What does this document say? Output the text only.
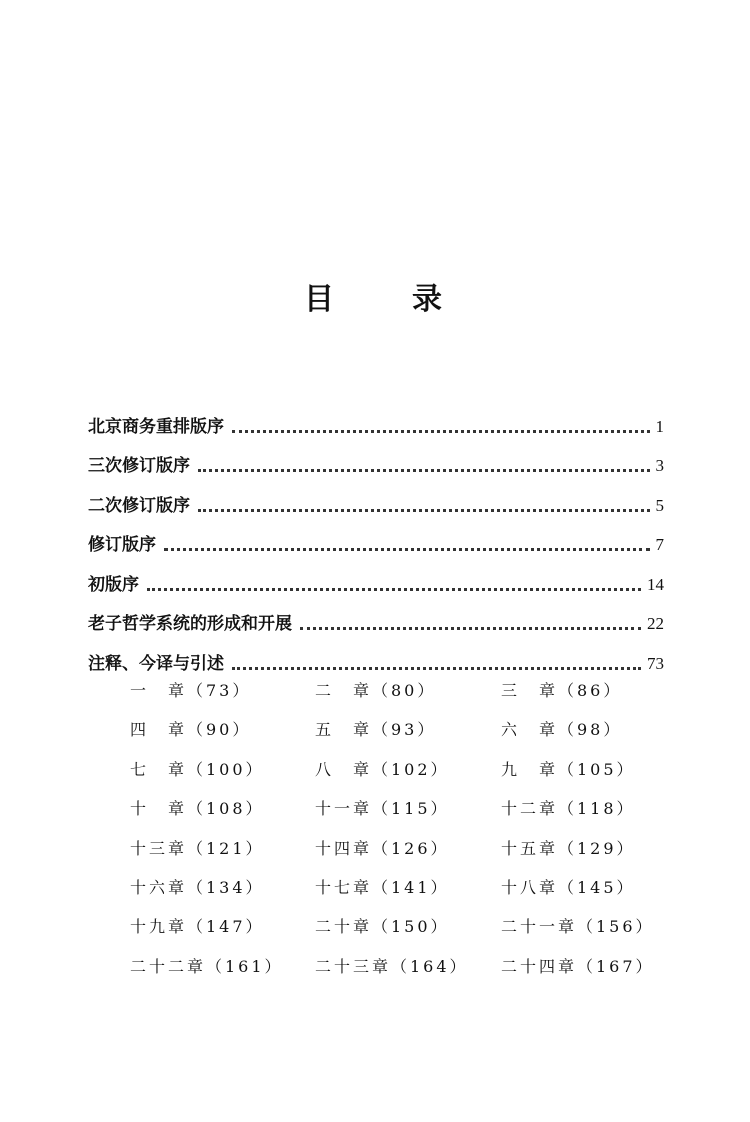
目	录
北京商务重排版序	1
三次修订版序	3
二次修订版序	5
修订版序	7
初版序	14
老子哲学系统的形成和开展	22
注释、今译与引述	73
一　章（73）	二　章（80）	三　章（86）
四　章（90）	五　章（93）	六　章（98）
七　章（100）	八　章（102）	九　章（105）
十　章（108）	十一章（115）	十二章（118）
十三章（121）	十四章（126）	十五章（129）
十六章（134）	十七章（141）	十八章（145）
十九章（147）	二十章（150）	二十一章（156）
二十二章（161）	二十三章（164）	二十四章（167）
